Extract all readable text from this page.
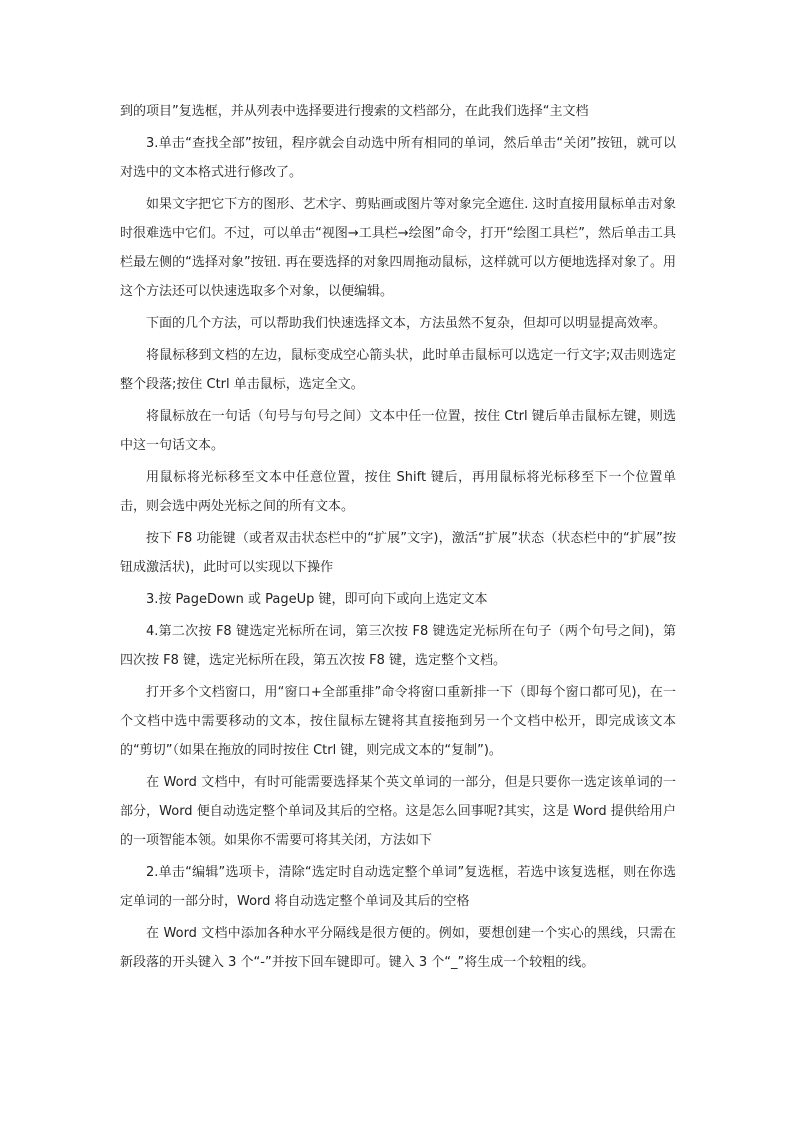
到的项目”复选框，并从列表中选择要进行搜索的文档部分，在此我们选择“主文档

3.单击“查找全部”按钮，程序就会自动选中所有相同的单词，然后单击“关闭”按钮，就可以对选中的文本格式进行修改了。

如果文字把它下方的图形、艺术字、剪贴画或图片等对象完全遮住. 这时直接用鼠标单击对象时很难选中它们。不过，可以单击“视图→工具栏→绘图”命令，打开“绘图工具栏”，然后单击工具栏最左侧的“选择对象”按钮. 再在要选择的对象四周拖动鼠标，这样就可以方便地选择对象了。用这个方法还可以快速选取多个对象，以便编辑。

下面的几个方法，可以帮助我们快速选择文本，方法虽然不复杂，但却可以明显提高效率。

将鼠标移到文档的左边，鼠标变成空心箭头状，此时单击鼠标可以选定一行文字;双击则选定整个段落;按住 Ctrl 单击鼠标，选定全文。

将鼠标放在一句话（句号与句号之间）文本中任一位置，按住 Ctrl 键后单击鼠标左键，则选中这一句话文本。

用鼠标将光标移至文本中任意位置，按住 Shift 键后，再用鼠标将光标移至下一个位置单击，则会选中两处光标之间的所有文本。

按下 F8 功能键（或者双击状态栏中的“扩展”文字)，激活“扩展”状态（状态栏中的“扩展”按钮成激活状)，此时可以实现以下操作

3.按 PageDown 或 PageUp 键，即可向下或向上选定文本

4.第二次按 F8 键选定光标所在词，第三次按 F8 键选定光标所在句子（两个句号之间)，第四次按 F8 键，选定光标所在段，第五次按 F8 键，选定整个文档。

打开多个文档窗口，用“窗口+全部重排”命令将窗口重新排一下（即每个窗口都可见)，在一个文档中选中需要移动的文本，按住鼠标左键将其直接拖到另一个文档中松开，即完成该文本的“剪切”（如果在拖放的同时按住 Ctrl 键，则完成文本的“复制”)。

在 Word 文档中，有时可能需要选择某个英文单词的一部分，但是只要你一选定该单词的一部分，Word 便自动选定整个单词及其后的空格。这是怎么回事呢?其实，这是 Word 提供给用户的一项智能本领。如果你不需要可将其关闭，方法如下

2.单击“编辑”选项卡，清除“选定时自动选定整个单词”复选框，若选中该复选框，则在你选定单词的一部分时，Word 将自动选定整个单词及其后的空格

在 Word 文档中添加各种水平分隔线是很方便的。例如，要想创建一个实心的黑线，只需在新段落的开头键入 3 个“-”并按下回车键即可。键入 3 个“_”将生成一个较粗的线。
